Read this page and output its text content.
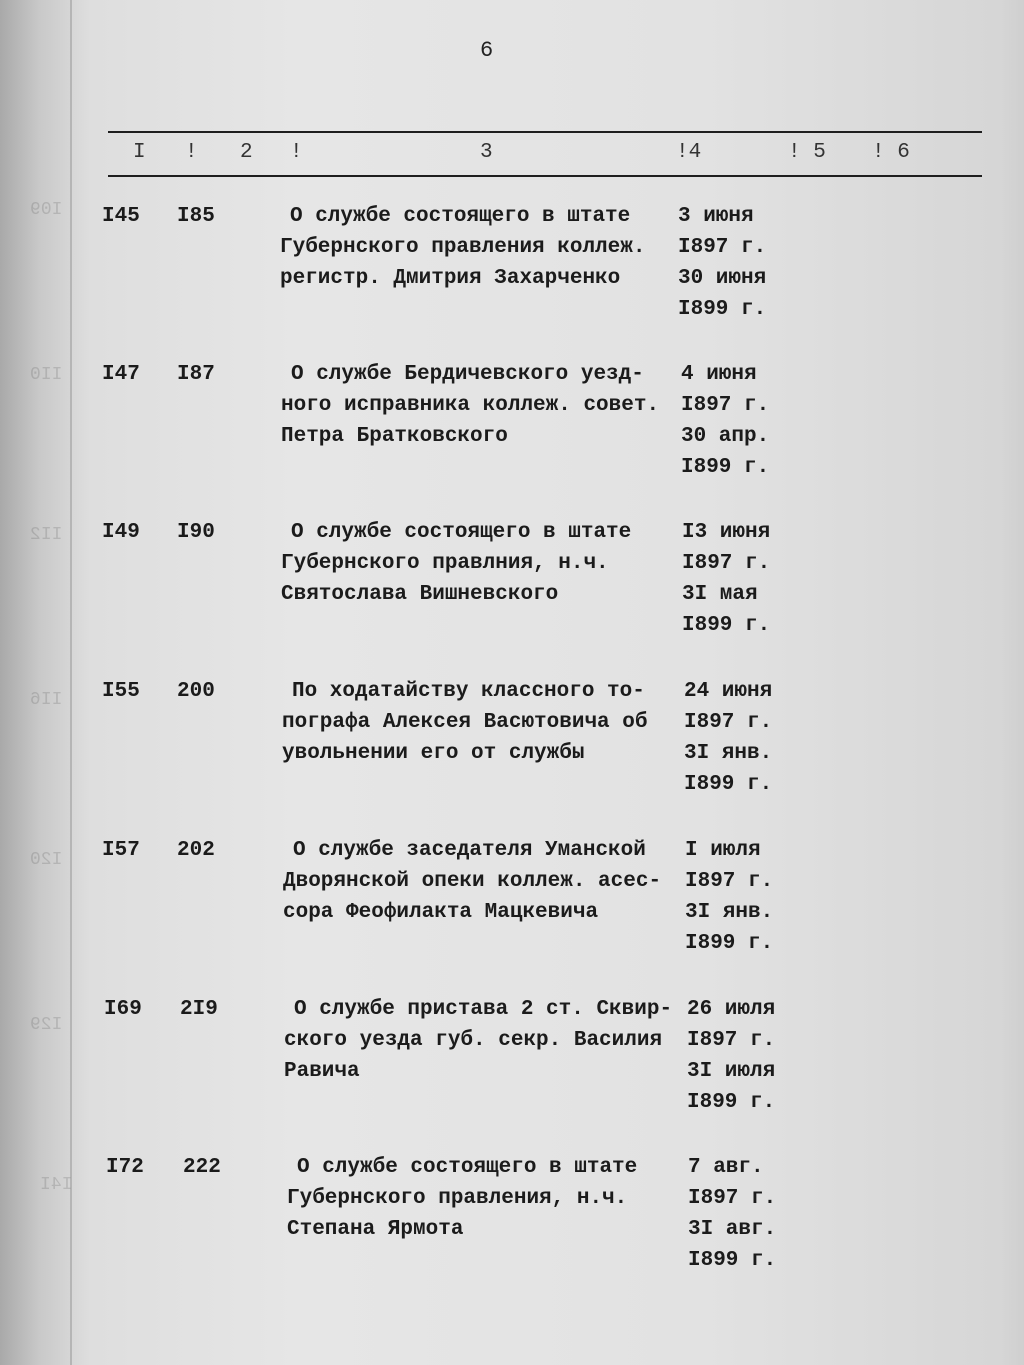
I09
II0
II2
II6
I20
I29
I4I
6
I ! 2 !	3	!4	! 5 ! 6
I45 I85	О службе состоящего в штате
Губернского правления коллеж.
регистр. Дмитрия Захарченко
3 июня
I897 г.
30 июня
I899 г.
I47 I87	О службе Бердичевского уезд-
ного исправника коллеж. совет.
Петра Братковского
4 июня
I897 г.
30 апр.
I899 г.
I49 I90	О службе состоящего в штате
Губернского правлния, н.ч.
Святослава Вишневского
I3 июня
I897 г.
3I мая
I899 г.
I55 200	По ходатайству классного то-
пографа Алексея Васютовича об
увольнении его от службы
24 июня
I897 г.
3I янв.
I899 г.
I57 202	О службе заседателя Уманской
Дворянской опеки коллеж. асес-
сора Феофилакта Мацкевича
I июля
I897 г.
3I янв.
I899 г.
I69 2I9	О службе пристава 2 ст. Сквир-
ского уезда губ. секр. Василия
Равича
26 июля
I897 г.
3I июля
I899 г.
I72 222	О службе состоящего в штате
Губернского правления, н.ч.
Степана Ярмота
7 авг.
I897 г.
3I авг.
I899 г.
